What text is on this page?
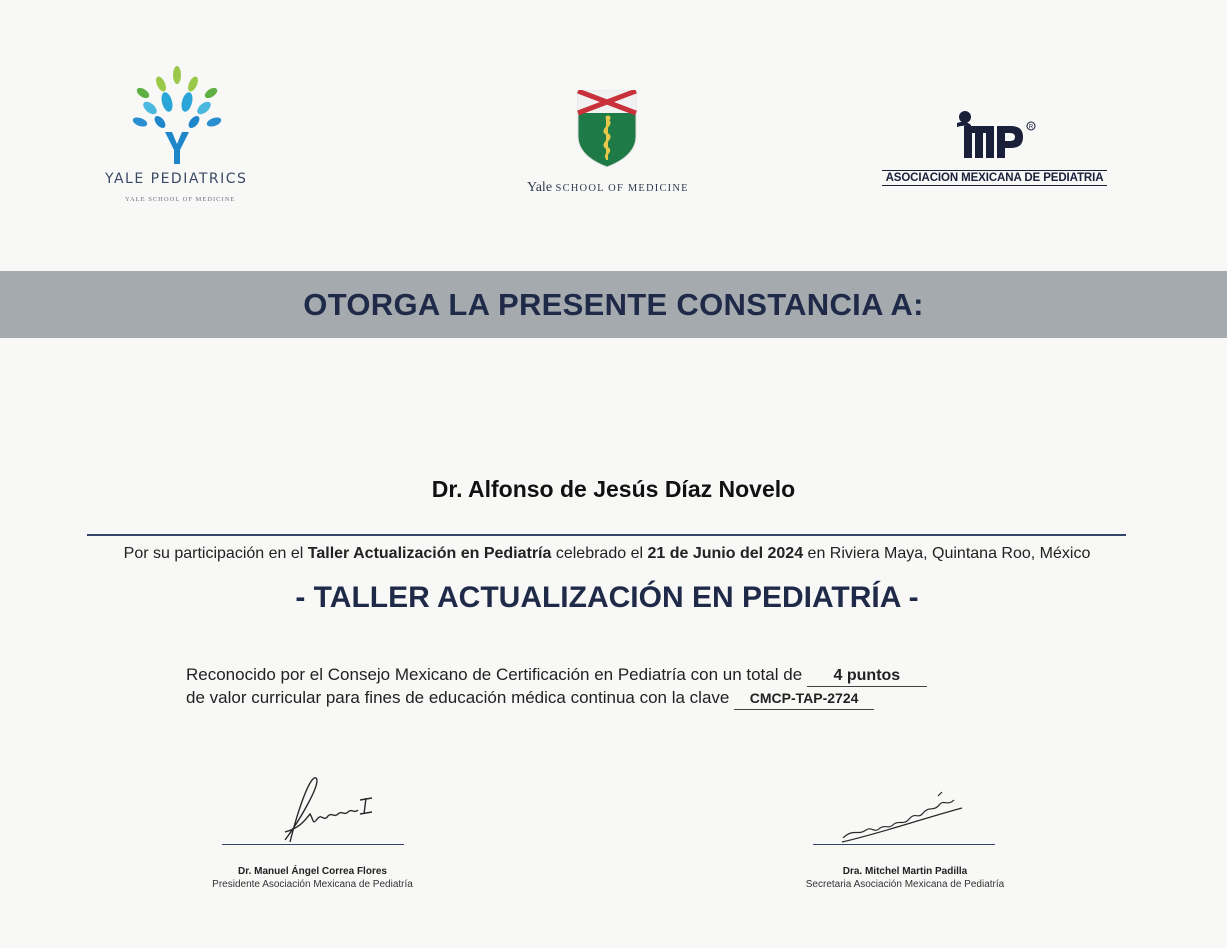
YALE PEDIATRICS
YALE SCHOOL OF MEDICINE
Yale SCHOOL OF MEDICINE
R
ASOCIACION MEXICANA DE PEDIATRIA
OTORGA LA PRESENTE CONSTANCIA A:
Dr. Alfonso de Jesús Díaz Novelo
Por su participación en el Taller Actualización en Pediatría celebrado el 21 de Junio del 2024 en Riviera Maya, Quintana Roo, México
- TALLER ACTUALIZACIÓN EN PEDIATRÍA -
Reconocido por el Consejo Mexicano de Certificación en Pediatría con un total de 4 puntos
de valor curricular para fines de educación médica continua con la clave CMCP-TAP-2724
Dr. Manuel Ángel Correa Flores
Presidente Asociación Mexicana de Pediatría
Dra. Mitchel Martin Padilla
Secretaria Asociación Mexicana de Pediatría
